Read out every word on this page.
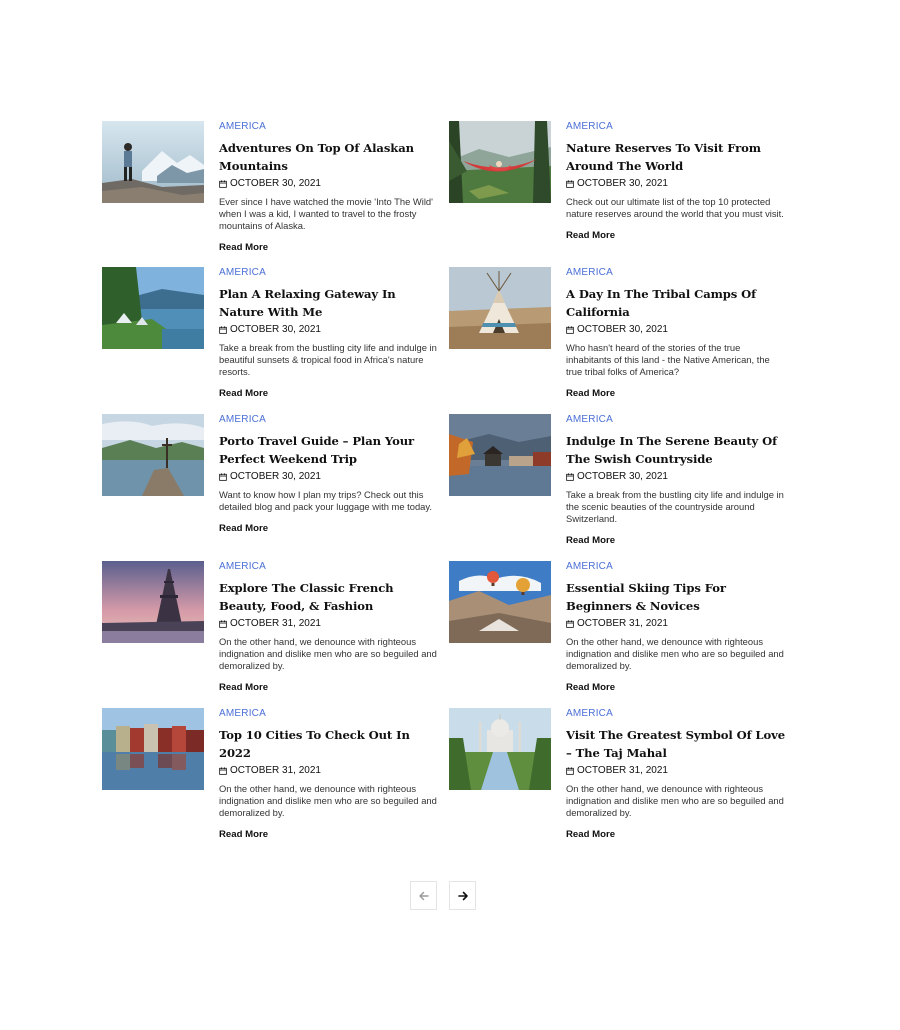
AMERICA
Adventures On Top Of Alaskan Mountains
OCTOBER 30, 2021
Ever since I have watched the movie 'Into The Wild' when I was a kid, I wanted to travel to the frosty mountains of Alaska.
Read More
AMERICA
Nature Reserves To Visit From Around The World
OCTOBER 30, 2021
Check out our ultimate list of the top 10 protected nature reserves around the world that you must visit.
Read More
AMERICA
Plan A Relaxing Gateway In Nature With Me
OCTOBER 30, 2021
Take a break from the bustling city life and indulge in beautiful sunsets & tropical food in Africa's nature resorts.
Read More
AMERICA
A Day In The Tribal Camps Of California
OCTOBER 30, 2021
Who hasn't heard of the stories of the true inhabitants of this land - the Native American, the true tribal folks of America?
Read More
AMERICA
Porto Travel Guide – Plan Your Perfect Weekend Trip
OCTOBER 30, 2021
Want to know how I plan my trips? Check out this detailed blog and pack your luggage with me today.
Read More
AMERICA
Indulge In The Serene Beauty Of The Swish Countryside
OCTOBER 30, 2021
Take a break from the bustling city life and indulge in the scenic beauties of the countryside around Switzerland.
Read More
AMERICA
Explore The Classic French Beauty, Food, & Fashion
OCTOBER 31, 2021
On the other hand, we denounce with righteous indignation and dislike men who are so beguiled and demoralized by.
Read More
AMERICA
Essential Skiing Tips For Beginners & Novices
OCTOBER 31, 2021
On the other hand, we denounce with righteous indignation and dislike men who are so beguiled and demoralized by.
Read More
AMERICA
Top 10 Cities To Check Out In 2022
OCTOBER 31, 2021
On the other hand, we denounce with righteous indignation and dislike men who are so beguiled and demoralized by.
Read More
AMERICA
Visit The Greatest Symbol Of Love – The Taj Mahal
OCTOBER 31, 2021
On the other hand, we denounce with righteous indignation and dislike men who are so beguiled and demoralized by.
Read More
